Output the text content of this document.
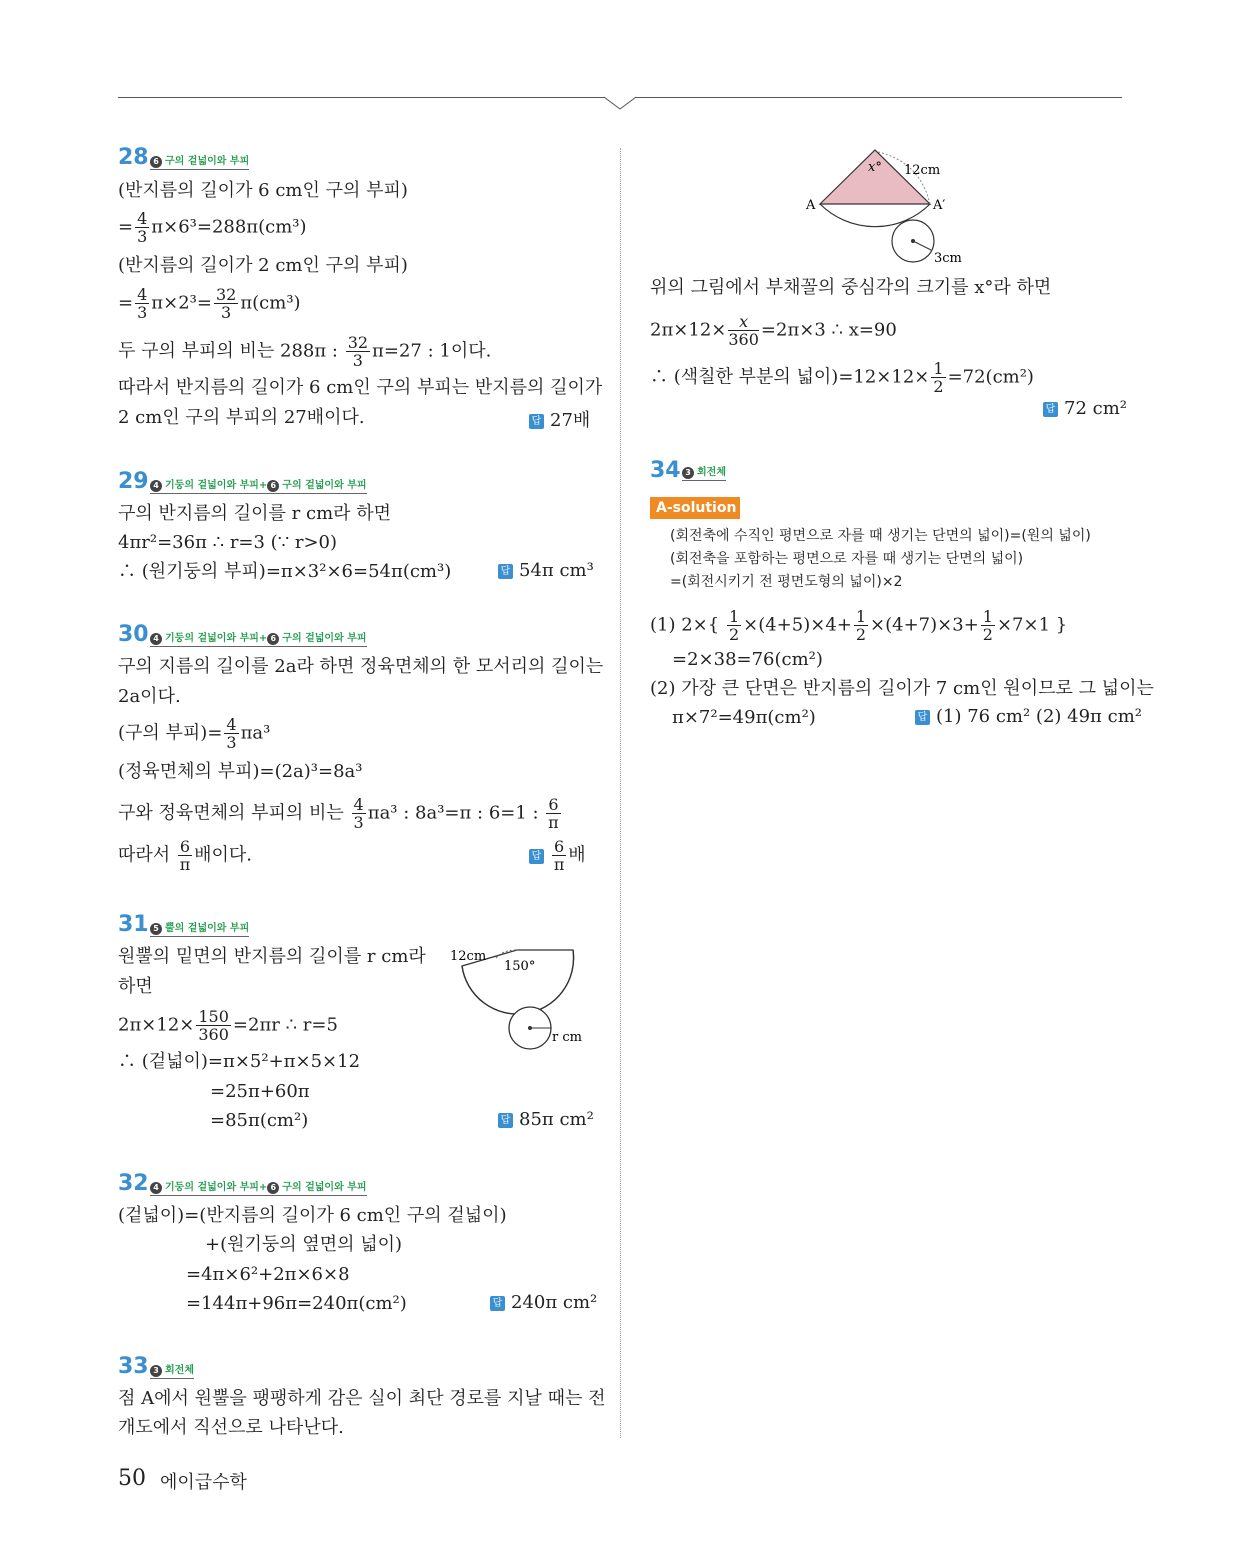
28 6 구의 겉넓이와 부피
(반지름의 길이가 6 cm인 구의 부피)
= $\frac{4}{3} \pi\times 6^3=288\pi(cm^3)$
(반지름의 길이가 2 cm인 구의 부피)
= $\frac{4}{3} \pi\times 2^3= \frac{32}{3} \pi(cm^3)$
두 구의 부피의 비는 288π : $\frac{32}{3} \pi=27$ : 1이다.
따라서 반지름의 길이가 6 cm인 구의 부피는 반지름의 길이가
2 cm인 구의 부피의 27배이다.	답 27배
29 4 기둥의 겉넓이와 부피+ 6 구의 겉넓이와 부피
구의 반지름의 길이를 r cm라 하면
4πr²=36π ∴ r=3 (∵ r>0)
∴ (원기둥의 부피)=π×3²×6=54π(cm³)	답 54π cm³
30 4 기둥의 겉넓이와 부피+ 6 구의 겉넓이와 부피
구의 지름의 길이를 2a라 하면 정육면체의 한 모서리의 길이는
2a이다.
(구의 부피)= $\frac{4}{3} \pi a^3$
(정육면체의 부피)=(2a)³=8a³
구와 정육면체의 부피의 비는 $\frac{4}{3} \pi a^3$ : 8a³=π : 6=1 : $\frac{6}{\pi}$
따라서 $\frac{6}{\pi}$ 배이다.	답 $\frac{6}{\pi}$ 배
31 5 뿔의 겉넓이와 부피
원뿔의 밑면의 반지름의 길이를 r cm라
하면
$2\pi\times 12\times \frac{150}{360} =2\pi r$ ∴ r=5
∴ (겉넓이)=π×5²+π×5×12
=25π+60π
=85π(cm²)	답 85π cm²
12cm
150°
r cm
32 4 기둥의 겉넓이와 부피+ 6 구의 겉넓이와 부피
(겉넓이)=(반지름의 길이가 6 cm인 구의 겉넓이)
+(원기둥의 옆면의 넓이)
=4π×6²+2π×6×8
=144π+96π=240π(cm²)	답 240π cm²
33 3 회전체
점 A에서 원뿔을 팽팽하게 감은 실이 최단 경로를 지날 때는 전
개도에서 직선으로 나타난다.
A	A′
x° 12cm
3cm
위의 그림에서 부채꼴의 중심각의 크기를 x°라 하면
$2\pi\times 12\times \frac{x}{360} =2\pi\times 3$ ∴ x=90
∴ (색칠한 부분의 넓이)$=12\times 12\times \frac{1}{2} =72(cm^2)$
답 72 cm²
34 3 회전체
A-solution
(회전축에 수직인 평면으로 자를 때 생기는 단면의 넓이)=(원의 넓이)
(회전축을 포함하는 평면으로 자를 때 생기는 단면의 넓이)
=(회전시키기 전 평면도형의 넓이)×2
(1) $2\times\{ \frac{1}{2} \times(4+5)\times 4+ \frac{1}{2} \times(4+7)\times 3+ \frac{1}{2} \times 7\times 1$ }
=2×38=76(cm²)
(2) 가장 큰 단면은 반지름의 길이가 7 cm인 원이므로 그 넓이는
π×7²=49π(cm²)	답 (1) 76 cm² (2) 49π cm²
50 에이급수학
